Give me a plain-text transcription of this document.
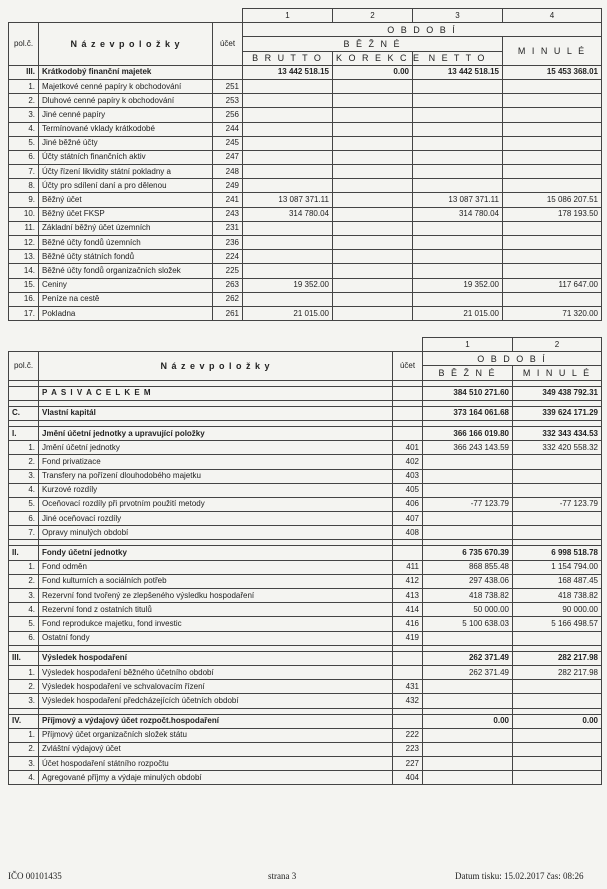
			1	2	3	4
pol.č.	N á z e v p o l o ž k y	účet	O B D O B Í			
			B Ě Ž N É			M I N U L É
			B R U T T O	K O R E K C E	N E T T O	
III.	Krátkodobý finanční majetek		13 442 518.15	0.00	13 442 518.15	15 453 368.01
1.	Majetkové cenné papíry k obchodování	251				
2.	Dluhové cenné papíry k obchodování	253				
3.	Jiné cenné papíry	256				
4.	Termínované vklady krátkodobé	244				
5.	Jiné běžné účty	245				
6.	Účty státních finančních aktiv	247				
7.	Účty řízení likvidity státní pokladny a	248				
8.	Účty pro sdílení daní a pro dělenou	249				
9.	Běžný účet	241	13 087 371.11		13 087 371.11	15 086 207.51
10.	Běžný účet FKSP	243	314 780.04		314 780.04	178 193.50
11.	Základní běžný účet územních	231				
12.	Běžné účty fondů územních	236				
13.	Běžné účty státních fondů	224				
14.	Běžné účty fondů organizačních složek	225				
15.	Ceniny	263	19 352.00		19 352.00	117 647.00
16.	Peníze na cestě	262				
17.	Pokladna	261	21 015.00		21 015.00	71 320.00
			1	2
pol.č.	N á z e v p o l o ž k y	účet	O B D O B Í	
			B Ě Ž N É	M I N U L É

	P A S I V A C E L K E M		384 510 271.60	349 438 792.31

C.	Vlastní kapitál		373 164 061.68	339 624 171.29

I.	Jmění účetní jednotky a upravující položky		366 166 019.80	332 343 434.53
1.	Jmění účetní jednotky	401	366 243 143.59	332 420 558.32
2.	Fond privatizace	402		
3.	Transfery na pořízení dlouhodobého majetku	403		
4.	Kurzové rozdíly	405		
5.	Oceňovací rozdíly při prvotním použití metody	406	-77 123.79	-77 123.79
6.	Jiné oceňovací rozdíly	407		
7.	Opravy minulých období	408		

II.	Fondy účetní jednotky		6 735 670.39	6 998 518.78
1.	Fond odměn	411	868 855.48	1 154 794.00
2.	Fond kulturních a sociálních potřeb	412	297 438.06	168 487.45
3.	Rezervní fond tvořený ze zlepšeného výsledku hospodaření	413	418 738.82	418 738.82
4.	Rezervní fond z ostatních titulů	414	50 000.00	90 000.00
5.	Fond reprodukce majetku, fond investic	416	5 100 638.03	5 166 498.57
6.	Ostatní fondy	419		

III.	Výsledek hospodaření		262 371.49	282 217.98
1.	Výsledek hospodaření běžného účetního období		262 371.49	282 217.98
2.	Výsledek hospodaření ve schvalovacím řízení	431		
3.	Výsledek hospodaření předcházejících účetních období	432		

IV.	Příjmový a výdajový účet rozpočt.hospodaření		0.00	0.00
1.	Příjmový účet organizačních složek státu	222		
2.	Zvláštní výdajový účet	223		
3.	Účet hospodaření státního rozpočtu	227		
4.	Agregované příjmy a výdaje minulých období	404		
IČO 00101435	strana 3	Datum tisku: 15.02.2017 čas: 08:26
